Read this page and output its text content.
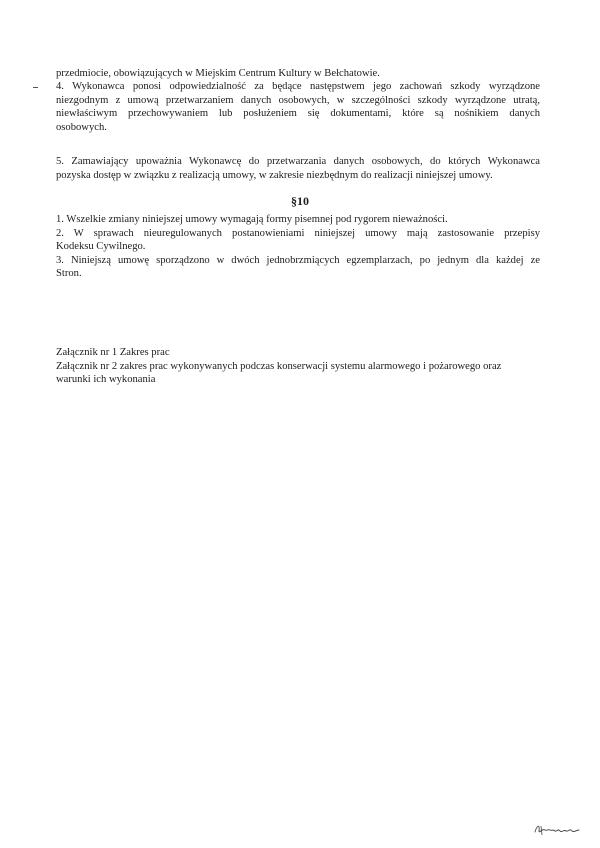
przedmiocie, obowiązujących w Miejskim Centrum Kultury w Bełchatowie.

4. Wykonawca ponosi odpowiedzialność za będące następstwem jego zachowań szkody wyrządzone
niezgodnym z umową przetwarzaniem danych osobowych, w szczególności szkody wyrządzone utratą,
niewłaściwym przechowywaniem lub posłużeniem się dokumentami, które są nośnikiem danych
osobowych.

5. Zamawiający upoważnia Wykonawcę do przetwarzania danych osobowych, do których Wykonawca
pozyska dostęp w związku z realizacją umowy, w zakresie niezbędnym do realizacji niniejszej umowy.

§10

1. Wszelkie zmiany niniejszej umowy wymagają formy pisemnej pod rygorem nieważności.
2. W sprawach nieuregulowanych postanowieniami niniejszej umowy mają zastosowanie przepisy
Kodeksu Cywilnego.
3. Niniejszą umowę sporządzono w dwóch jednobrzmiących egzemplarzach, po jednym dla każdej ze
Stron.
Załącznik nr 1 Zakres prac
Załącznik nr 2 zakres prac wykonywanych podczas konserwacji systemu alarmowego i pożarowego oraz
warunki ich wykonania
